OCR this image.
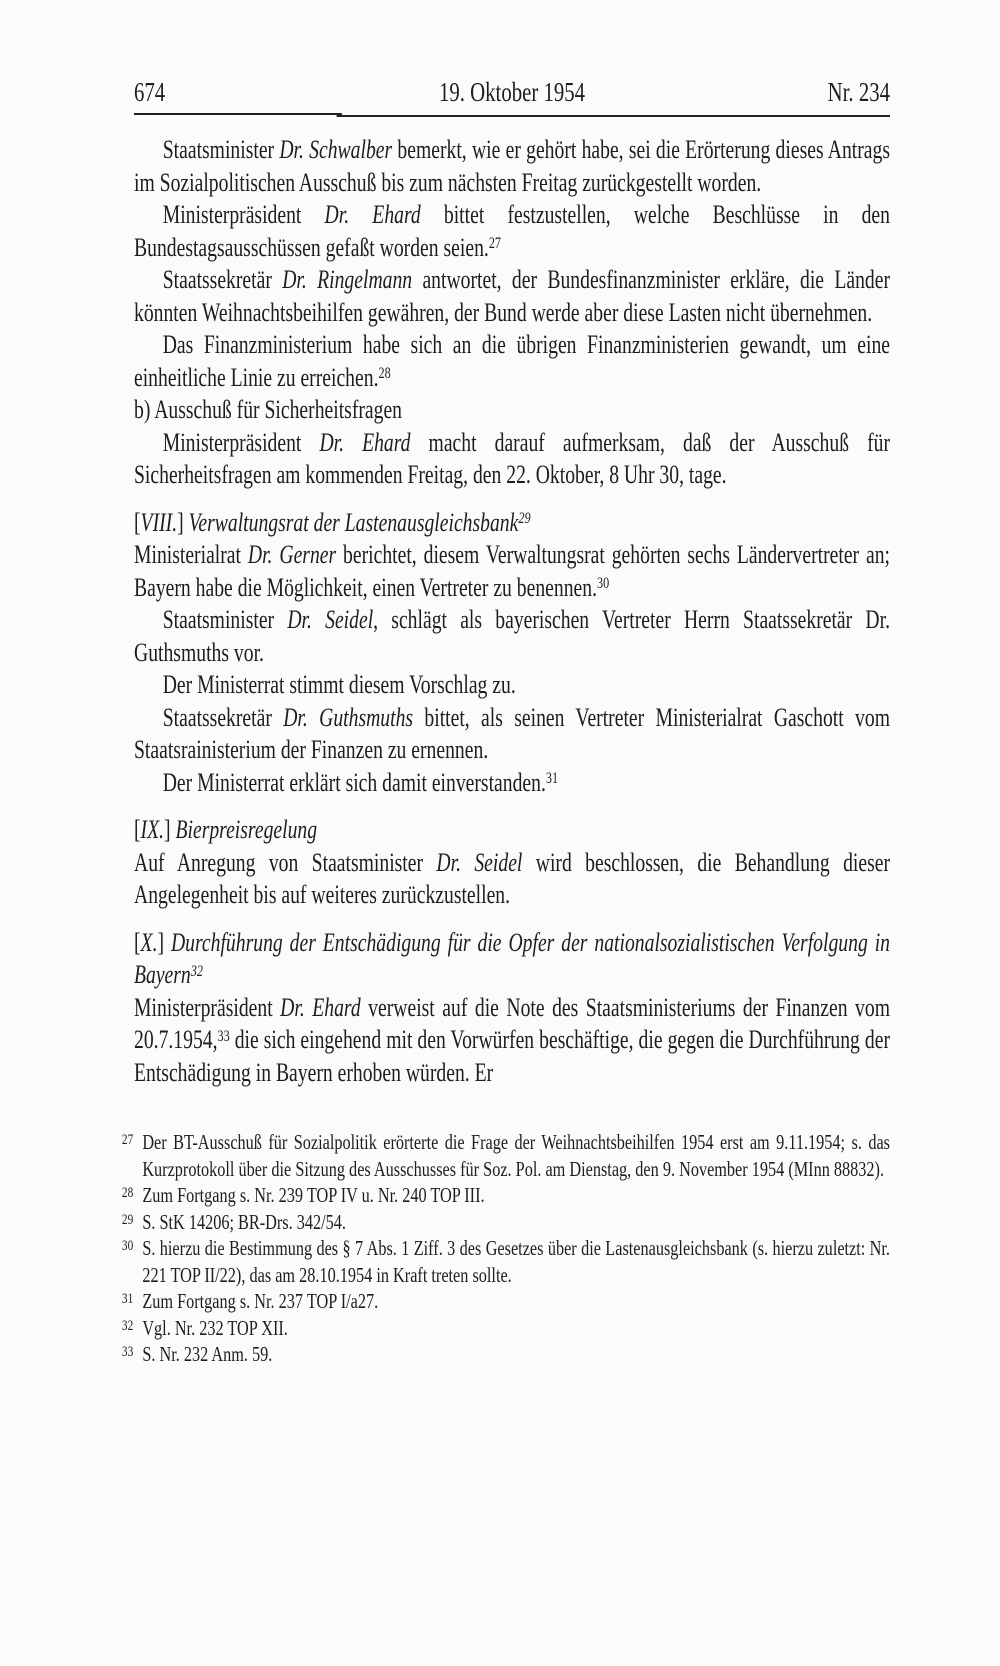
674	19. Oktober 1954	Nr. 234

Staatsminister Dr. Schwalber bemerkt, wie er gehört habe, sei die Erörterung dieses Antrags im Sozialpolitischen Ausschuß bis zum nächsten Freitag zurückgestellt worden.

Ministerpräsident Dr. Ehard bittet festzustellen, welche Beschlüsse in den Bundestagsausschüssen gefaßt worden seien.$^{27}$

Staatssekretär Dr. Ringelmann antwortet, der Bundesfinanzminister erkläre, die Länder könnten Weihnachtsbeihilfen gewähren, der Bund werde aber diese Lasten nicht übernehmen.

Das Finanzministerium habe sich an die übrigen Finanzministerien gewandt, um eine einheitliche Linie zu erreichen.$^{28}$

b) Ausschuß für Sicherheitsfragen

Ministerpräsident Dr. Ehard macht darauf aufmerksam, daß der Ausschuß für Sicherheitsfragen am kommenden Freitag, den 22. Oktober, 8 Uhr 30, tage.

[VIII.] Verwaltungsrat der Lastenausgleichsbank$^{29}$

Ministerialrat Dr. Gerner berichtet, diesem Verwaltungsrat gehörten sechs Ländervertreter an; Bayern habe die Möglichkeit, einen Vertreter zu benennen.$^{30}$

Staatsminister Dr. Seidel, schlägt als bayerischen Vertreter Herrn Staatssekretär Dr. Guthsmuths vor.

Der Ministerrat stimmt diesem Vorschlag zu.

Staatssekretär Dr. Guthsmuths bittet, als seinen Vertreter Ministerialrat Gaschott vom Staatsrainisterium der Finanzen zu ernennen.

Der Ministerrat erklärt sich damit einverstanden.$^{31}$

[IX.] Bierpreisregelung

Auf Anregung von Staatsminister Dr. Seidel wird beschlossen, die Behandlung dieser Angelegenheit bis auf weiteres zurückzustellen.

[X.] Durchführung der Entschädigung für die Opfer der nationalsozialistischen Verfolgung in Bayern$^{32}$

Ministerpräsident Dr. Ehard verweist auf die Note des Staatsministeriums der Finanzen vom 20.7.1954,33 die sich eingehend mit den Vorwürfen beschäftige, die gegen die Durchführung der Entschädigung in Bayern erhoben würden. Er

27 Der BT-Ausschuß für Sozialpolitik erörterte die Frage der Weihnachtsbeihilfen 1954 erst am 9.11.1954; s. das Kurzprotokoll über die Sitzung des Ausschusses für Soz. Pol. am Dienstag, den 9. November 1954 (MInn 88832).
28 Zum Fortgang s. Nr. 239 TOP IV u. Nr. 240 TOP III.
29 S. StK 14206; BR-Drs. 342/54.
30 S. hierzu die Bestimmung des § 7 Abs. 1 Ziff. 3 des Gesetzes über die Lastenausgleichsbank (s. hierzu zuletzt: Nr. 221 TOP II/22), das am 28.10.1954 in Kraft treten sollte.
31 Zum Fortgang s. Nr. 237 TOP I/a27.
32 Vgl. Nr. 232 TOP XII.
33 S. Nr. 232 Anm. 59.
